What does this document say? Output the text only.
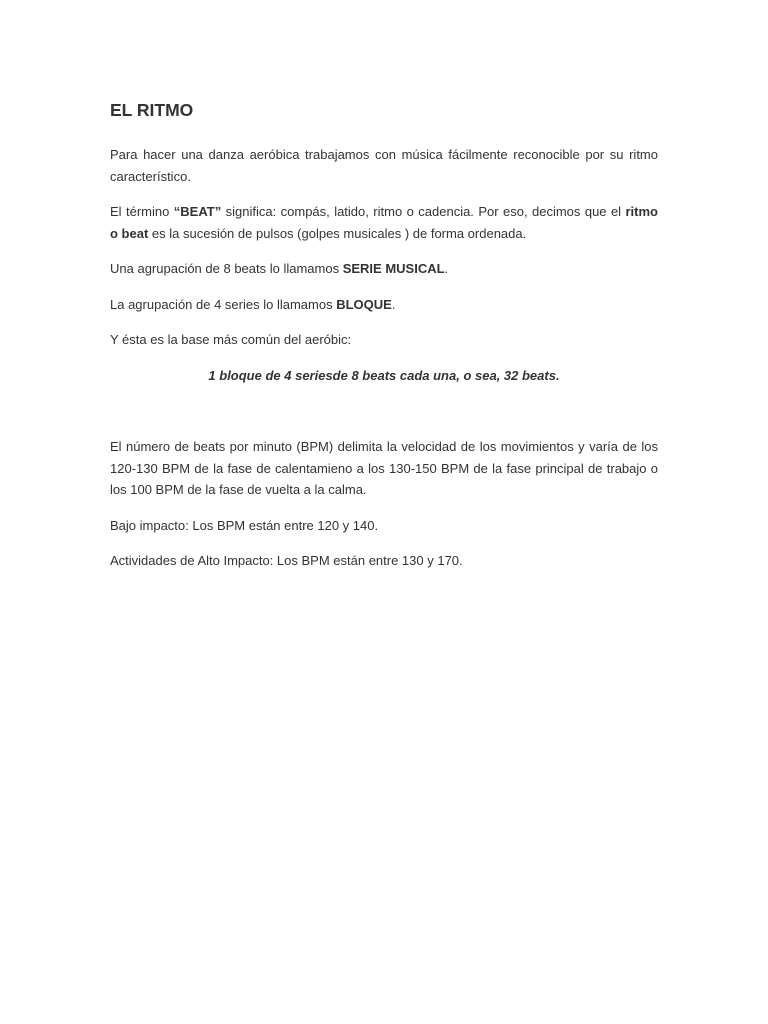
EL RITMO

Para hacer una danza aeróbica trabajamos con música fácilmente reconocible por su ritmo característico.

El término “BEAT” significa: compás, latido, ritmo o cadencia. Por eso, decimos que el ritmo o beat es la sucesión de pulsos (golpes musicales ) de forma ordenada.

Una agrupación de 8 beats lo llamamos SERIE MUSICAL.

La agrupación de 4 series lo llamamos BLOQUE.

Y ésta es la base más común del aeróbic:

1 bloque de 4 seriesde 8 beats cada una, o sea, 32 beats.

El número de beats por minuto (BPM) delimita la velocidad de los movimientos y varía de los 120-130 BPM de la fase de calentamieno a los 130-150 BPM de la fase principal de trabajo o los 100 BPM de la fase de vuelta a la calma.

Bajo impacto: Los BPM están entre 120 y 140.

Actividades de Alto Impacto: Los BPM están entre 130 y 170.
